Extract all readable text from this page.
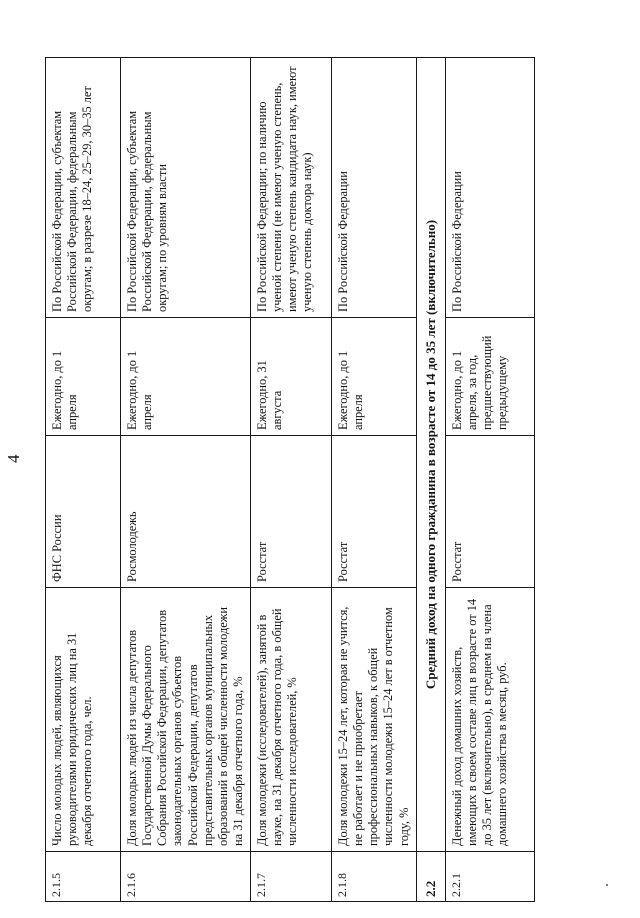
4
2.1.5	Число молодых людей, являющихся руководителями юридических лиц на 31 декабря отчетного года, чел.	ФНС России	Ежегодно, до 1 апреля	По Российской Федерации, субъектам Российской Федерации, федеральным округам; в разрезе 18–24, 25–29, 30–35 лет
2.1.6	Доля молодых людей из числа депутатов Государственной Думы Федерального Собрания Российской Федерации, депутатов законодательных органов субъектов Российской Федерации, депутатов представительных органов муниципальных образований в общей численности молодежи на 31 декабря отчетного года, %	Росмолодежь	Ежегодно, до 1 апреля	По Российской Федерации, субъектам Российской Федерации, федеральным округам; по уровням власти
2.1.7	Доля молодежи (исследователей), занятой в науке, на 31 декабря отчетного года, в общей численности исследователей, %	Росстат	Ежегодно, 31 августа	По Российской Федерации; по наличию ученой степени (не имеют ученую степень, имеют ученую степень кандидата наук, имеют ученую степень доктора наук)
2.1.8	Доля молодежи 15–24 лет, которая не учится, не работает и не приобретает профессиональных навыков, к общей численности молодежи 15–24 лет в отчетном году, %	Росстат	Ежегодно, до 1 апреля	По Российской Федерации
2.2	Средний доход на одного гражданина в возрасте от 14 до 35 лет (включительно)			
2.2.1	Денежный доход домашних хозяйств, имеющих в своем составе лиц в возрасте от 14 до 35 лет (включительно), в среднем на члена домашнего хозяйства в месяц, руб.	Росстат	Ежегодно, до 1 апреля, за год, предшествующий предыдущему	По Российской Федерации
